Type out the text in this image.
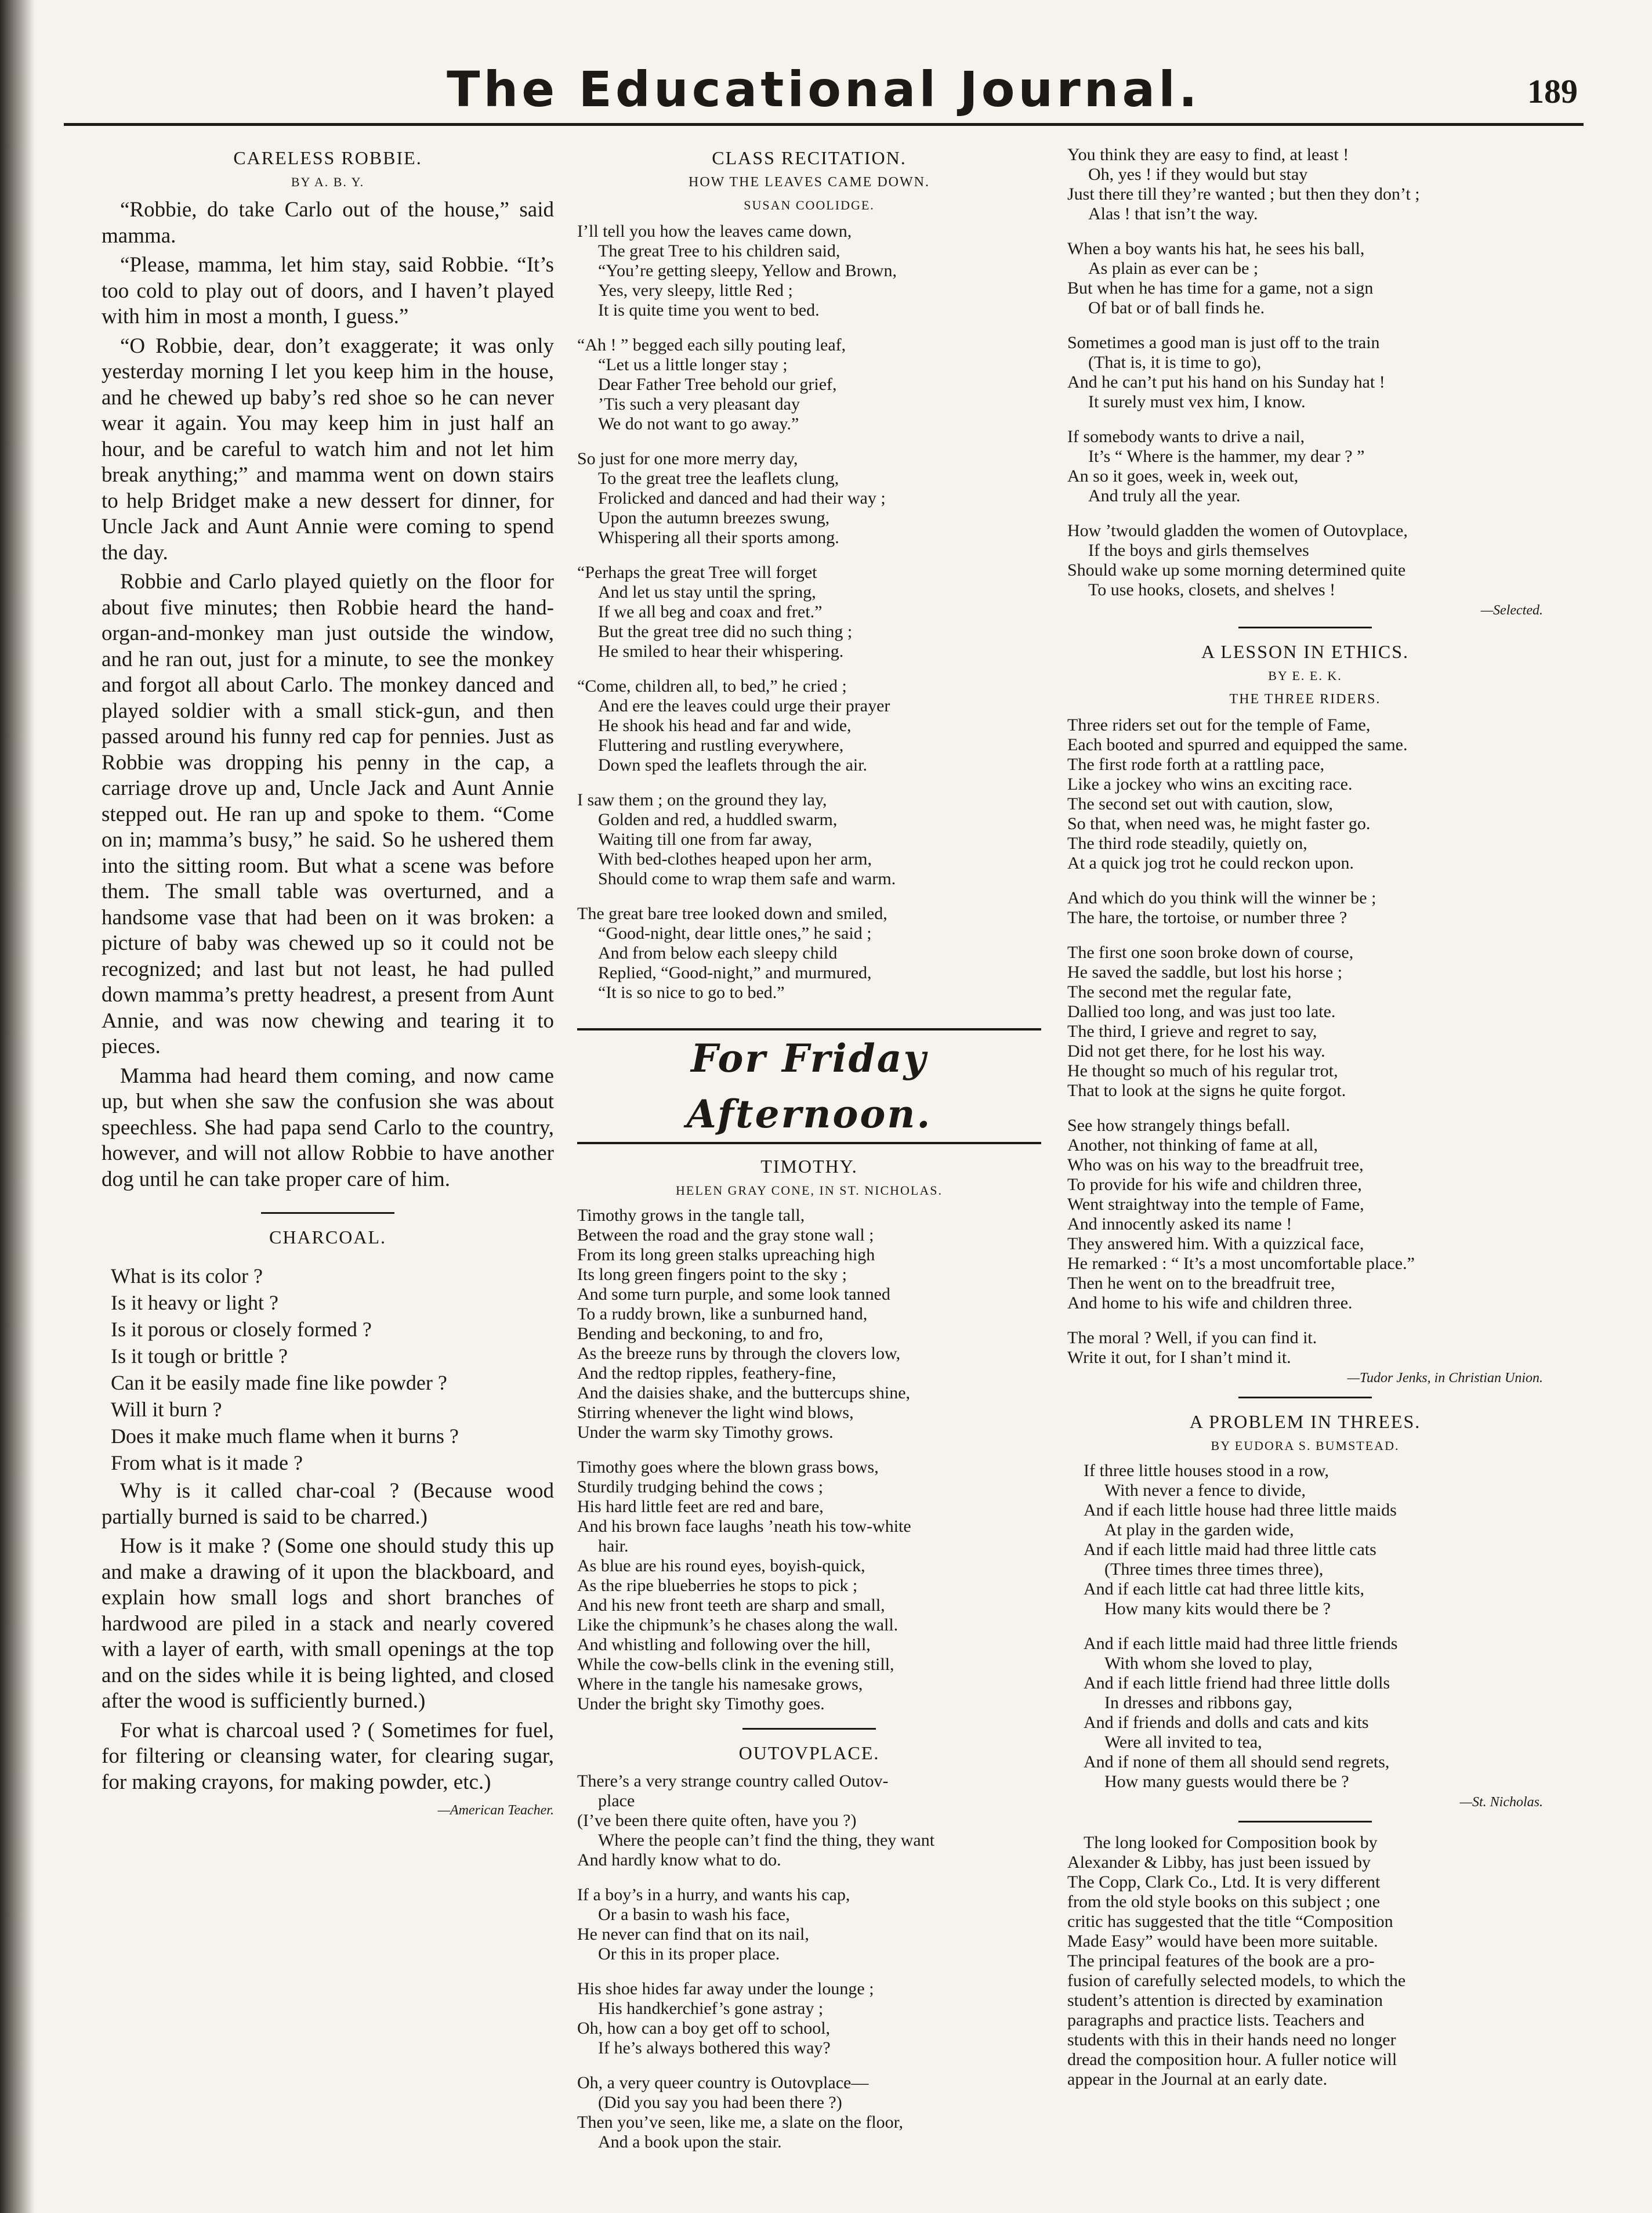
The Educational Journal.	189
CARELESS ROBBIE.
BY A. B. Y.

“Robbie, do take Carlo out of the house,” said mamma.

“Please, mamma, let him stay, said Robbie. “It’s too cold to play out of doors, and I haven’t played with him in most a month, I guess.”

“O Robbie, dear, don’t exaggerate; it was only yesterday morning I let you keep him in the house, and he chewed up baby’s red shoe so he can never wear it again. You may keep him in just half an hour, and be careful to watch him and not let him break anything;” and mamma went on down stairs to help Bridget make a new dessert for dinner, for Uncle Jack and Aunt Annie were coming to spend the day.

Robbie and Carlo played quietly on the floor for about five minutes; then Robbie heard the hand-organ-and-monkey man just outside the window, and he ran out, just for a minute, to see the monkey and forgot all about Carlo. The monkey danced and played soldier with a small stick-gun, and then passed around his funny red cap for pennies. Just as Robbie was dropping his penny in the cap, a carriage drove up and, Uncle Jack and Aunt Annie stepped out. He ran up and spoke to them. “Come on in; mamma’s busy,” he said. So he ushered them into the sitting room. But what a scene was before them. The small table was overturned, and a handsome vase that had been on it was broken: a picture of baby was chewed up so it could not be recognized; and last but not least, he had pulled down mamma’s pretty headrest, a present from Aunt Annie, and was now chewing and tearing it to pieces.

Mamma had heard them coming, and now came up, but when she saw the confusion she was about speechless. She had papa send Carlo to the country, however, and will not allow Robbie to have another dog until he can take proper care of him.

CHARCOAL.
What is its color ?
Is it heavy or light ?
Is it porous or closely formed ?
Is it tough or brittle ?
Can it be easily made fine like powder ?
Will it burn ?
Does it make much flame when it burns ?
From what is it made ?

Why is it called char-coal ? (Because wood partially burned is said to be charred.)

How is it make ? (Some one should study this up and make a drawing of it upon the blackboard, and explain how small logs and short branches of hardwood are piled in a stack and nearly covered with a layer of earth, with small openings at the top and on the sides while it is being lighted, and closed after the wood is sufficiently burned.)

For what is charcoal used ? ( Sometimes for fuel, for filtering or cleansing water, for clearing sugar, for making crayons, for making powder, etc.)

—American Teacher.
CLASS RECITATION.
HOW THE LEAVES CAME DOWN.
SUSAN COOLIDGE.
I’ll tell you how the leaves came down,
The great Tree to his children said,
“You’re getting sleepy, Yellow and Brown,
Yes, very sleepy, little Red ;
It is quite time you went to bed.
“Ah ! ” begged each silly pouting leaf,
“Let us a little longer stay ;
Dear Father Tree behold our grief,
’Tis such a very pleasant day
We do not want to go away.”
So just for one more merry day,
To the great tree the leaflets clung,
Frolicked and danced and had their way ;
Upon the autumn breezes swung,
Whispering all their sports among.
“Perhaps the great Tree will forget
And let us stay until the spring,
If we all beg and coax and fret.”
But the great tree did no such thing ;
He smiled to hear their whispering.
“Come, children all, to bed,” he cried ;
And ere the leaves could urge their prayer
He shook his head and far and wide,
Fluttering and rustling everywhere,
Down sped the leaflets through the air.
I saw them ; on the ground they lay,
Golden and red, a huddled swarm,
Waiting till one from far away,
With bed-clothes heaped upon her arm,
Should come to wrap them safe and warm.
The great bare tree looked down and smiled,
“Good-night, dear little ones,” he said ;
And from below each sleepy child
Replied, “Good-night,” and murmured,
“It is so nice to go to bed.”
For Friday Afternoon.
TIMOTHY.
HELEN GRAY CONE, IN ST. NICHOLAS.
Timothy grows in the tangle tall,
Between the road and the gray stone wall ;
From its long green stalks upreaching high
Its long green fingers point to the sky ;
And some turn purple, and some look tanned
To a ruddy brown, like a sunburned hand,
Bending and beckoning, to and fro,
As the breeze runs by through the clovers low,
And the redtop ripples, feathery-fine,
And the daisies shake, and the buttercups shine,
Stirring whenever the light wind blows,
Under the warm sky Timothy grows.
Timothy goes where the blown grass bows,
Sturdily trudging behind the cows ;
His hard little feet are red and bare,
And his brown face laughs ’neath his tow-white
hair.
As blue are his round eyes, boyish-quick,
As the ripe blueberries he stops to pick ;
And his new front teeth are sharp and small,
Like the chipmunk’s he chases along the wall.
And whistling and following over the hill,
While the cow-bells clink in the evening still,
Where in the tangle his namesake grows,
Under the bright sky Timothy goes.
OUTOVPLACE.
There’s a very strange country called Outov-
place
(I’ve been there quite often, have you ?)
Where the people can’t find the thing, they want
And hardly know what to do.
If a boy’s in a hurry, and wants his cap,
Or a basin to wash his face,
He never can find that on its nail,
Or this in its proper place.
His shoe hides far away under the lounge ;
His handkerchief’s gone astray ;
Oh, how can a boy get off to school,
If he’s always bothered this way?
Oh, a very queer country is Outovplace—
(Did you say you had been there ?)
Then you’ve seen, like me, a slate on the floor,
And a book upon the stair.
You think they are easy to find, at least !
Oh, yes ! if they would but stay
Just there till they’re wanted ; but then they don’t ;
Alas ! that isn’t the way.
When a boy wants his hat, he sees his ball,
As plain as ever can be ;
But when he has time for a game, not a sign
Of bat or of ball finds he.
Sometimes a good man is just off to the train
(That is, it is time to go),
And he can’t put his hand on his Sunday hat !
It surely must vex him, I know.
If somebody wants to drive a nail,
It’s “ Where is the hammer, my dear ? ”
An so it goes, week in, week out,
And truly all the year.
How ’twould gladden the women of Outovplace,
If the boys and girls themselves
Should wake up some morning determined quite
To use hooks, closets, and shelves !
—Selected.
A LESSON IN ETHICS.
BY E. E. K.
THE THREE RIDERS.
Three riders set out for the temple of Fame,
Each booted and spurred and equipped the same.
The first rode forth at a rattling pace,
Like a jockey who wins an exciting race.
The second set out with caution, slow,
So that, when need was, he might faster go.
The third rode steadily, quietly on,
At a quick jog trot he could reckon upon.
And which do you think will the winner be ;
The hare, the tortoise, or number three ?
The first one soon broke down of course,
He saved the saddle, but lost his horse ;
The second met the regular fate,
Dallied too long, and was just too late.
The third, I grieve and regret to say,
Did not get there, for he lost his way.
He thought so much of his regular trot,
That to look at the signs he quite forgot.
See how strangely things befall.
Another, not thinking of fame at all,
Who was on his way to the breadfruit tree,
To provide for his wife and children three,
Went straightway into the temple of Fame,
And innocently asked its name !
They answered him. With a quizzical face,
He remarked : “ It’s a most uncomfortable place.”
Then he went on to the breadfruit tree,
And home to his wife and children three.
The moral ? Well, if you can find it.
Write it out, for I shan’t mind it.
—Tudor Jenks, in Christian Union.
A PROBLEM IN THREES.
BY EUDORA S. BUMSTEAD.
If three little houses stood in a row,
With never a fence to divide,
And if each little house had three little maids
At play in the garden wide,
And if each little maid had three little cats
(Three times three times three),
And if each little cat had three little kits,
How many kits would there be ?
And if each little maid had three little friends
With whom she loved to play,
And if each little friend had three little dolls
In dresses and ribbons gay,
And if friends and dolls and cats and kits
Were all invited to tea,
And if none of them all should send regrets,
How many guests would there be ?
—St. Nicholas.
The long looked for Composition book by
Alexander & Libby, has just been issued by
The Copp, Clark Co., Ltd. It is very different
from the old style books on this subject ; one
critic has suggested that the title “Composition
Made Easy” would have been more suitable.
The principal features of the book are a pro-
fusion of carefully selected models, to which the
student’s attention is directed by examination
paragraphs and practice lists. Teachers and
students with this in their hands need no longer
dread the composition hour. A fuller notice will
appear in the Journal at an early date.
